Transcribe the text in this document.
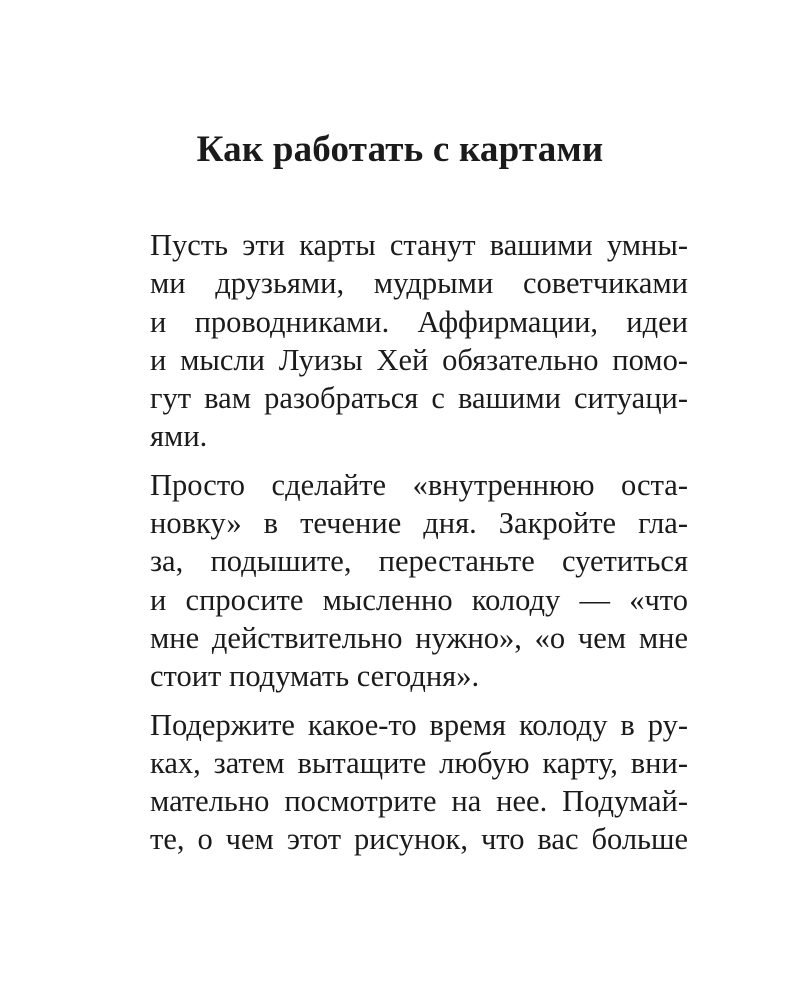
Как работать с картами

Пусть эти карты станут вашими умны-
ми друзьями, мудрыми советчиками
и проводниками. Аффирмации, идеи
и мысли Луизы Хей обязательно помо-
гут вам разобраться с вашими ситуаци-
ями.

Просто сделайте «внутреннюю оста-
новку» в течение дня. Закройте гла-
за, подышите, перестаньте суетиться
и спросите мысленно колоду — «что
мне действительно нужно», «о чем мне
стоит подумать сегодня».

Подержите какое-то время колоду в ру-
ках, затем вытащите любую карту, вни-
мательно посмотрите на нее. Подумай-
те, о чем этот рисунок, что вас больше
